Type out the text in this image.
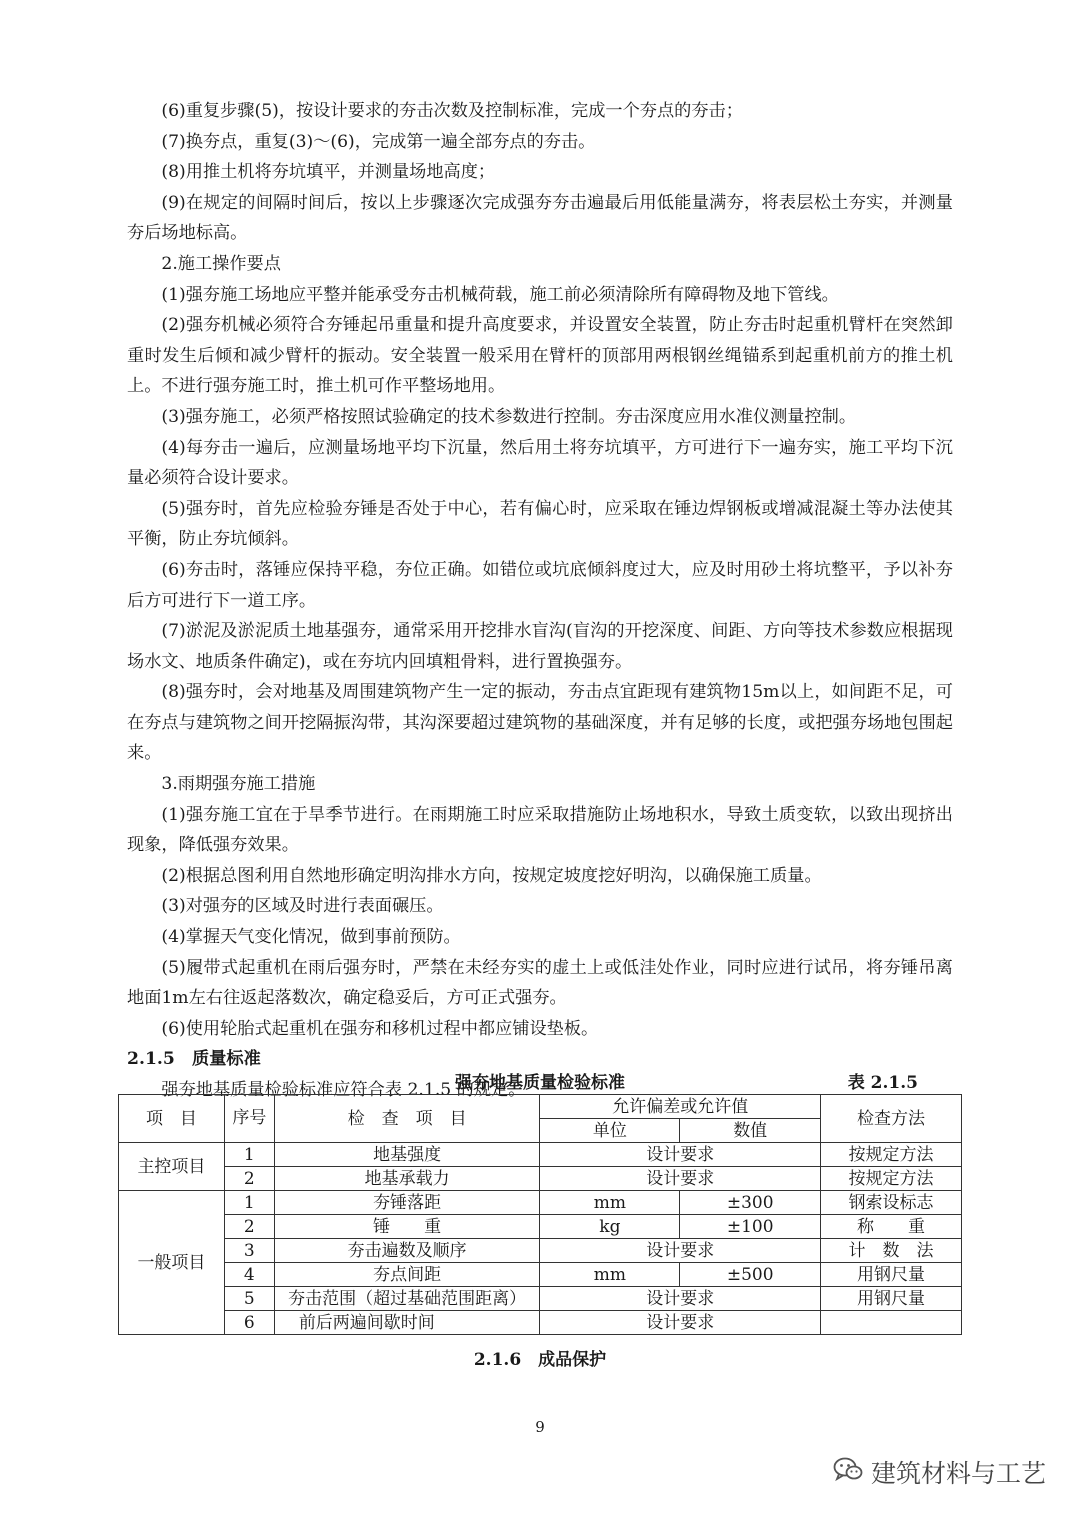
(6)重复步骤(5)，按设计要求的夯击次数及控制标准，完成一个夯点的夯击；

(7)换夯点，重复(3)～(6)，完成第一遍全部夯点的夯击。

(8)用推土机将夯坑填平，并测量场地高度；

(9)在规定的间隔时间后，按以上步骤逐次完成强夯夯击遍最后用低能量满夯，将表层松土夯实，并测量夯后场地标高。

2.施工操作要点

(1)强夯施工场地应平整并能承受夯击机械荷载，施工前必须清除所有障碍物及地下管线。

(2)强夯机械必须符合夯锤起吊重量和提升高度要求，并设置安全装置，防止夯击时起重机臂杆在突然卸重时发生后倾和减少臂杆的振动。安全装置一般采用在臂杆的顶部用两根钢丝绳锚系到起重机前方的推土机上。不进行强夯施工时，推土机可作平整场地用。

(3)强夯施工，必须严格按照试验确定的技术参数进行控制。夯击深度应用水准仪测量控制。

(4)每夯击一遍后，应测量场地平均下沉量，然后用土将夯坑填平，方可进行下一遍夯实，施工平均下沉量必须符合设计要求。

(5)强夯时，首先应检验夯锤是否处于中心，若有偏心时，应采取在锤边焊钢板或增减混凝土等办法使其平衡，防止夯坑倾斜。

(6)夯击时，落锤应保持平稳，夯位正确。如错位或坑底倾斜度过大，应及时用砂土将坑整平，予以补夯后方可进行下一道工序。

(7)淤泥及淤泥质土地基强夯，通常采用开挖排水盲沟(盲沟的开挖深度、间距、方向等技术参数应根据现场水文、地质条件确定)，或在夯坑内回填粗骨料，进行置换强夯。

(8)强夯时，会对地基及周围建筑物产生一定的振动，夯击点宜距现有建筑物15m以上，如间距不足，可在夯点与建筑物之间开挖隔振沟带，其沟深要超过建筑物的基础深度，并有足够的长度，或把强夯场地包围起来。

3.雨期强夯施工措施

(1)强夯施工宜在于旱季节进行。在雨期施工时应采取措施防止场地积水，导致土质变软，以致出现挤出现象，降低强夯效果。

(2)根据总图利用自然地形确定明沟排水方向，按规定坡度挖好明沟，以确保施工质量。

(3)对强夯的区域及时进行表面碾压。

(4)掌握天气变化情况，做到事前预防。

(5)履带式起重机在雨后强夯时，严禁在未经夯实的虚土上或低洼处作业，同时应进行试吊，将夯锤吊离地面1m左右往返起落数次，确定稳妥后，方可正式强夯。

(6)使用轮胎式起重机在强夯和移机过程中都应铺设垫板。

2.1.5　质量标准

强夯地基质量检验标准应符合表 2.1.5 的规定。

强夯地基质量检验标准	表 2.1.5
项　目	序号	检　查　项　目	允许偏差或允许值		检查方法
			单位	数值	
主控项目	1	地基强度	设计要求		按规定方法
	2	地基承载力	设计要求		按规定方法
一般项目	1	夯锤落距	mm	±300	钢索设标志
	2	锤　　重	kg	±100	称　　重
	3	夯击遍数及顺序	设计要求		计　数　法
	4	夯点间距	mm	±500	用钢尺量
	5	夯击范围（超过基础范围距离）	设计要求		用钢尺量
	6	前后两遍间歇时间	设计要求		
2.1.6　成品保护
9
建筑材料与工艺
